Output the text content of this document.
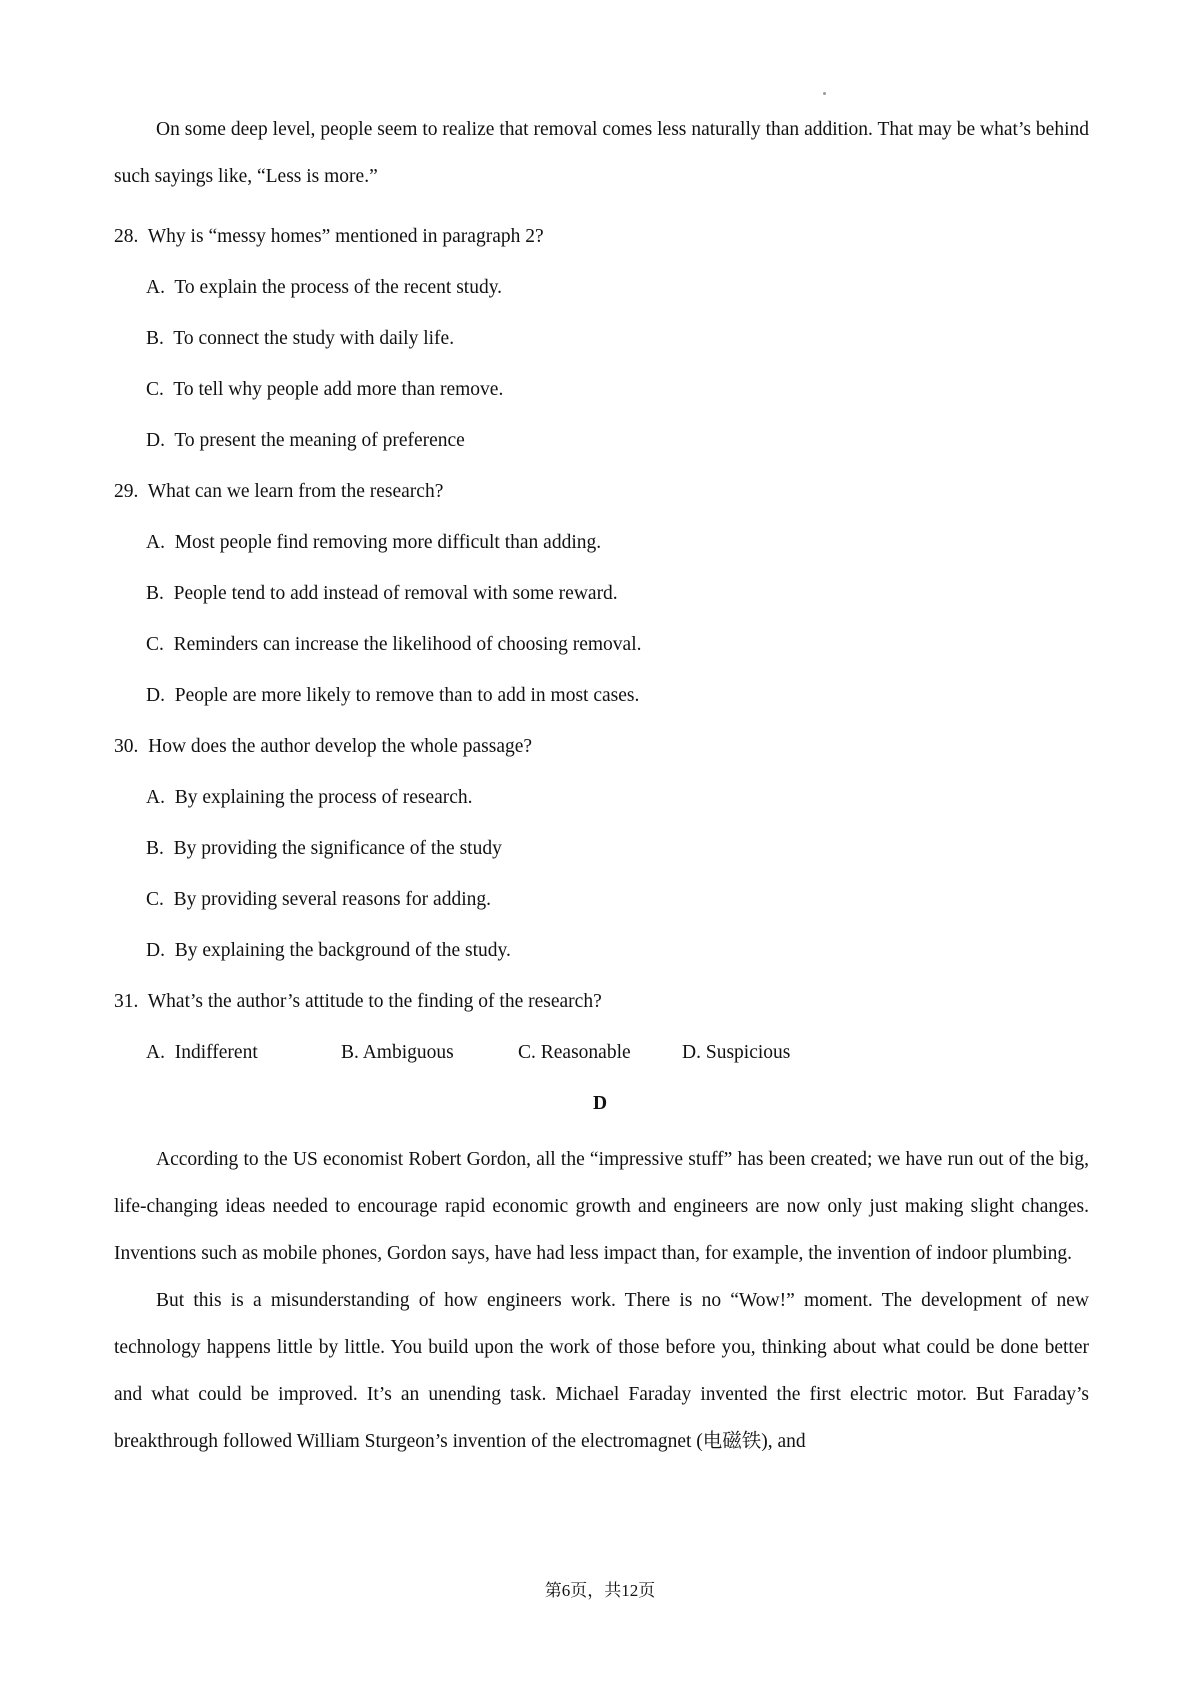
On some deep level, people seem to realize that removal comes less naturally than addition. That may be what’s behind such sayings like, “Less is more.”

28. Why is “messy homes” mentioned in paragraph 2?

A. To explain the process of the recent study.

B. To connect the study with daily life.

C. To tell why people add more than remove.

D. To present the meaning of preference

29. What can we learn from the research?

A. Most people find removing more difficult than adding.

B. People tend to add instead of removal with some reward.

C. Reminders can increase the likelihood of choosing removal.

D. People are more likely to remove than to add in most cases.

30. How does the author develop the whole passage?

A. By explaining the process of research.

B. By providing the significance of the study

C. By providing several reasons for adding.

D. By explaining the background of the study.

31. What’s the author’s attitude to the finding of the research?

A. Indifferent	B. Ambiguous	C. Reasonable	D. Suspicious

D

According to the US economist Robert Gordon, all the “impressive stuff” has been created; we have run out of the big, life-changing ideas needed to encourage rapid economic growth and engineers are now only just making slight changes. Inventions such as mobile phones, Gordon says, have had less impact than, for example, the invention of indoor plumbing.

But this is a misunderstanding of how engineers work. There is no “Wow!” moment. The development of new technology happens little by little. You build upon the work of those before you, thinking about what could be done better and what could be improved. It’s an unending task. Michael Faraday invented the first electric motor. But Faraday’s breakthrough followed William Sturgeon’s invention of the electromagnet (电磁铁), and

第6页，共12页
